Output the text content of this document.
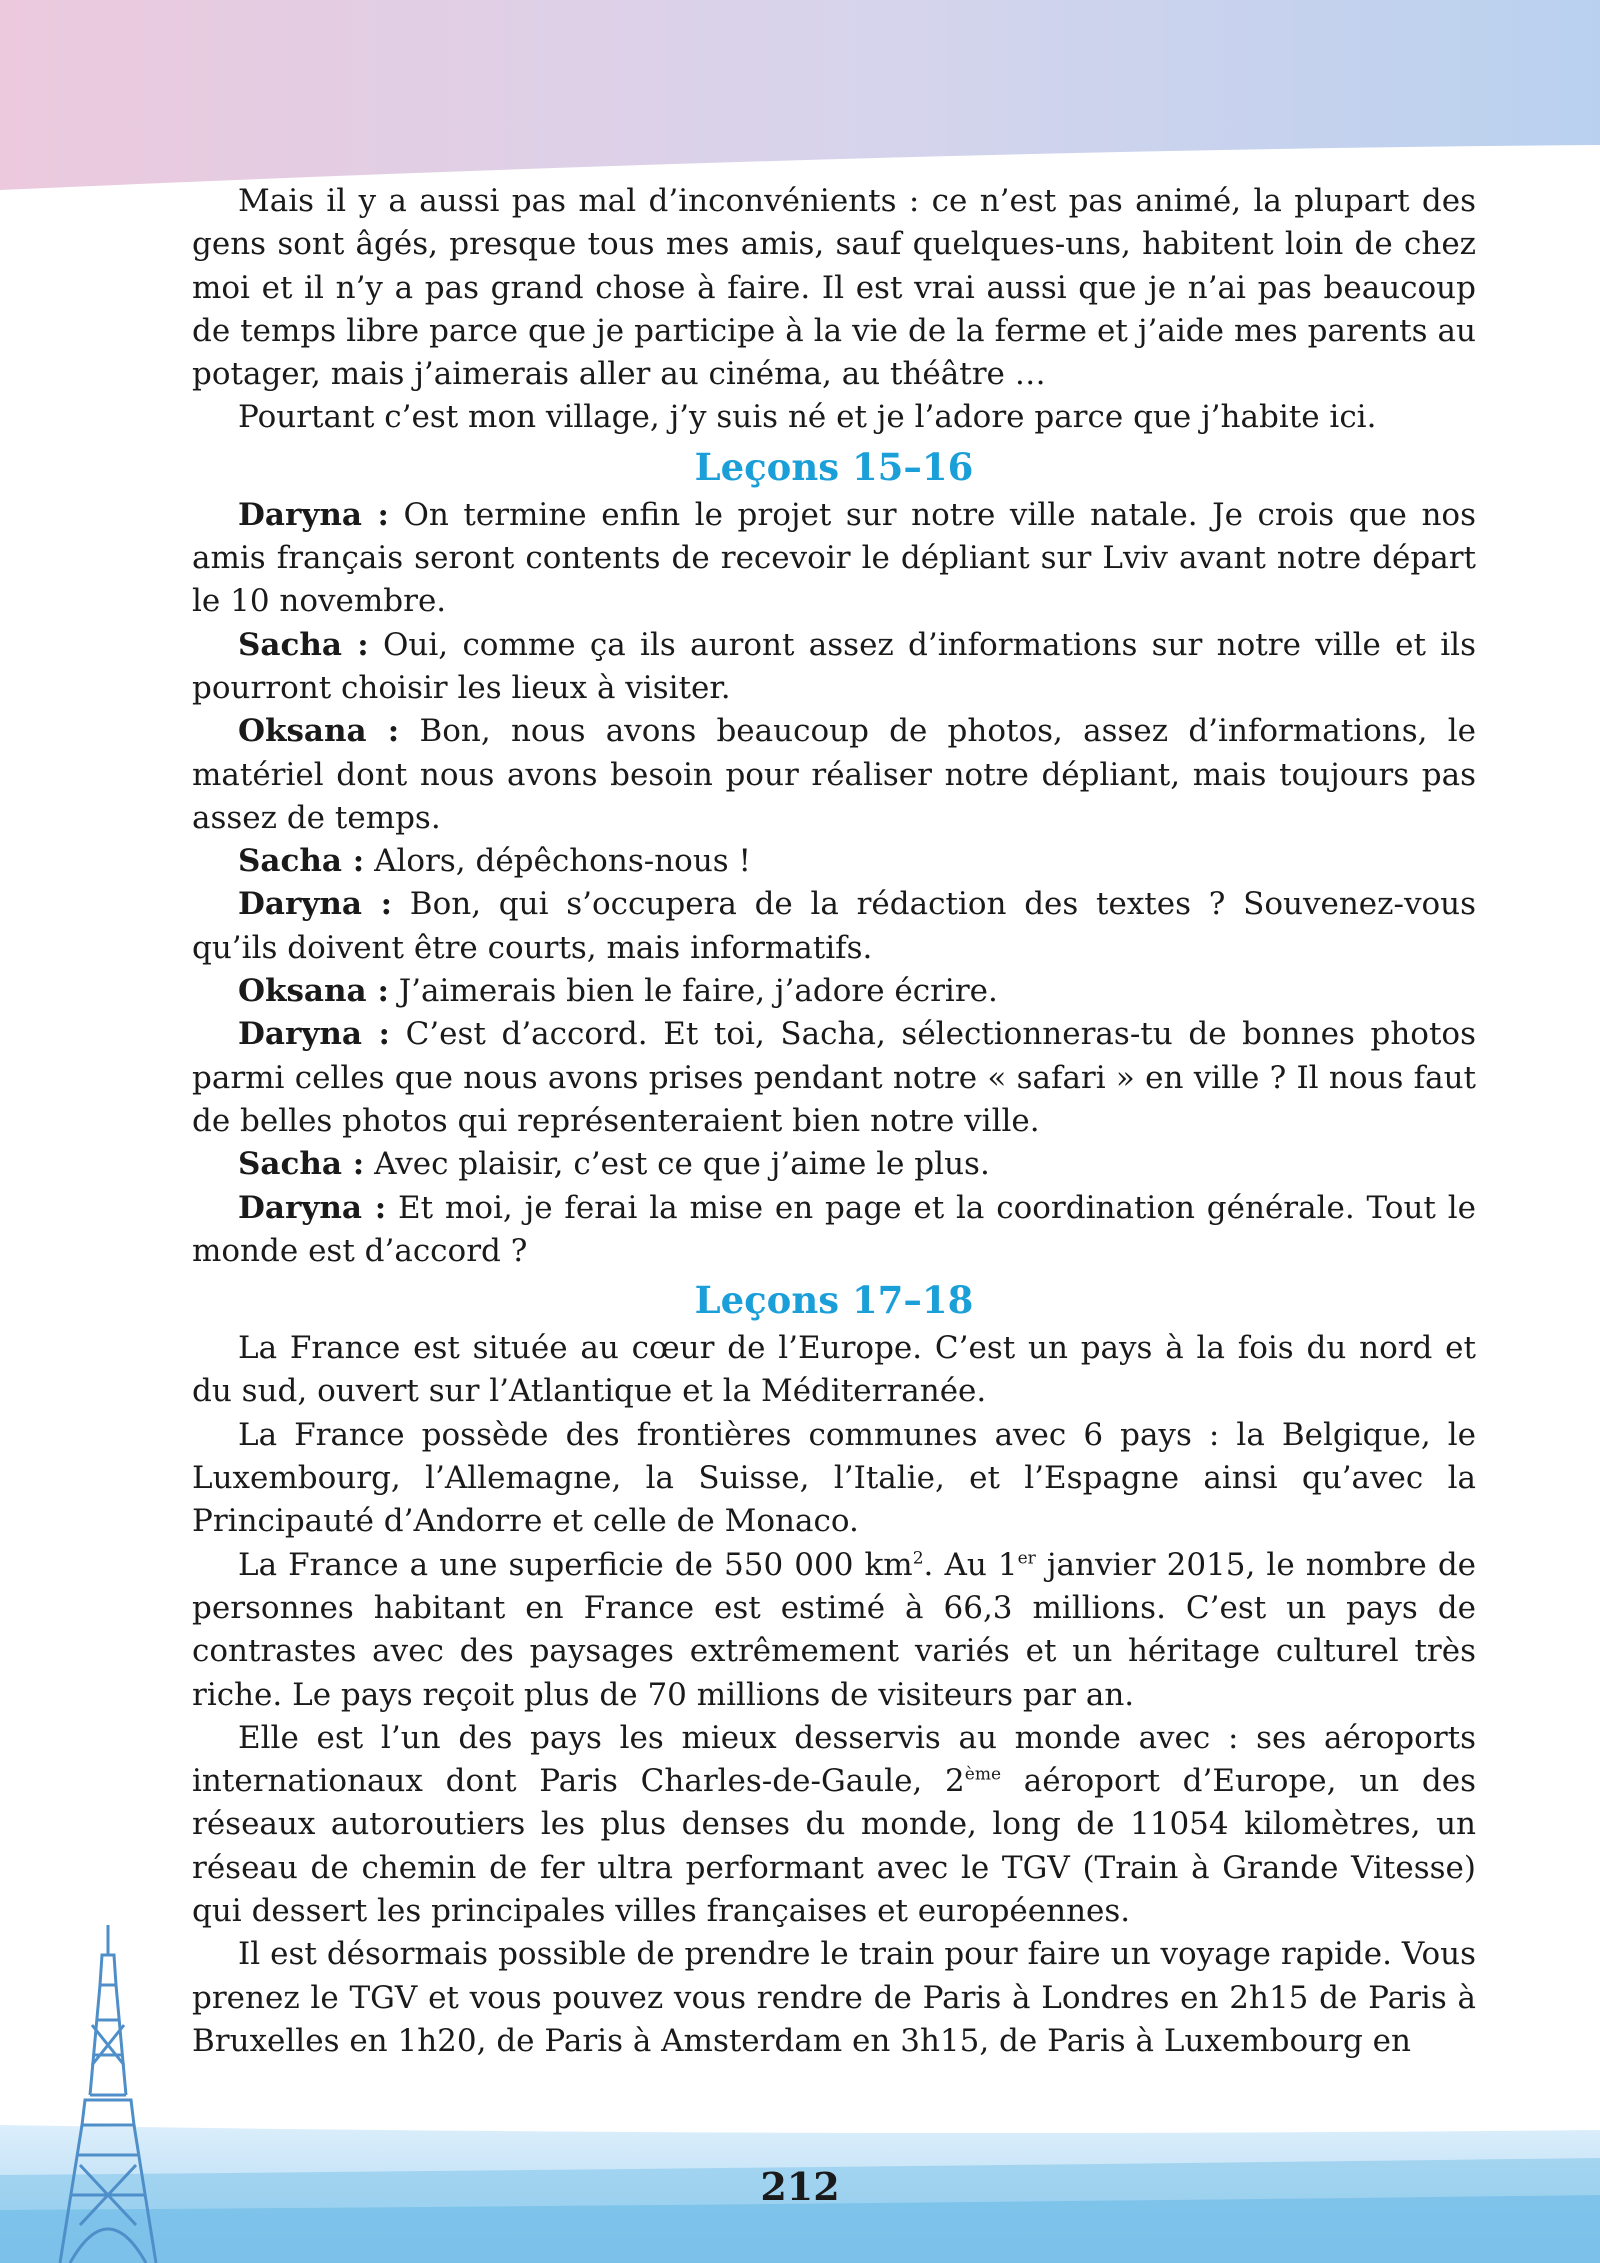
Mais il y a aussi pas mal d’inconvénients : ce n’est pas animé, la plupart des gens sont âgés, presque tous mes amis, sauf quelques-uns, habitent loin de chez moi et il n’y a pas grand chose à faire. Il est vrai aussi que je n’ai pas beaucoup de temps libre parce que je participe à la vie de la ferme et j’aide mes parents au potager, mais j’aimerais aller au cinéma, au théâtre …

Pourtant c’est mon village, j’y suis né et je l’adore parce que j’habite ici.

Leçons 15–16

Daryna : On termine enfin le projet sur notre ville natale. Je crois que nos amis français seront contents de recevoir le dépliant sur Lviv avant notre départ le 10 novembre.

Sacha : Oui, comme ça ils auront assez d’informations sur notre ville et ils pourront choisir les lieux à visiter.

Oksana : Bon, nous avons beaucoup de photos, assez d’informations, le matériel dont nous avons besoin pour réaliser notre dépliant, mais toujours pas assez de temps.

Sacha : Alors, dépêchons-nous !

Daryna : Bon, qui s’occupera de la rédaction des textes ? Souvenez-vous qu’ils doivent être courts, mais informatifs.

Oksana : J’aimerais bien le faire, j’adore écrire.

Daryna : C’est d’accord. Et toi, Sacha, sélectionneras-tu de bonnes photos parmi celles que nous avons prises pendant notre « safari » en ville ? Il nous faut de belles photos qui représenteraient bien notre ville.

Sacha : Avec plaisir, c’est ce que j’aime le plus.

Daryna : Et moi, je ferai la mise en page et la coordination générale. Tout le monde est d’accord ?

Leçons 17–18

La France est située au cœur de l’Europe. C’est un pays à la fois du nord et du sud, ouvert sur l’Atlantique et la Méditerranée.

La France possède des frontières communes avec 6 pays : la Belgique, le Luxembourg, l’Allemagne, la Suisse, l’Italie, et l’Espagne ainsi qu’avec la Principauté d’Andorre et celle de Monaco.

La France a une superficie de 550 000 $km^2$. Au 1er janvier 2015, le nombre de personnes habitant en France est estimé à 66,3 millions. C’est un pays de contrastes avec des paysages extrêmement variés et un héritage culturel très riche. Le pays reçoit plus de 70 millions de visiteurs par an.

Elle est l’un des pays les mieux desservis au monde avec : ses aéroports internationaux dont Paris Charles-de-Gaule, 2ème aéroport d’Europe, un des réseaux autoroutiers les plus denses du monde, long de 11054 kilomètres, un réseau de chemin de fer ultra performant avec le TGV (Train à Grande Vitesse) qui dessert les principales villes françaises et européennes.

Il est désormais possible de prendre le train pour faire un voyage rapide. Vous prenez le TGV et vous pouvez vous rendre de Paris à Londres en 2h15 de Paris à Bruxelles en 1h20, de Paris à Amsterdam en 3h15, de Paris à Luxembourg en

212
